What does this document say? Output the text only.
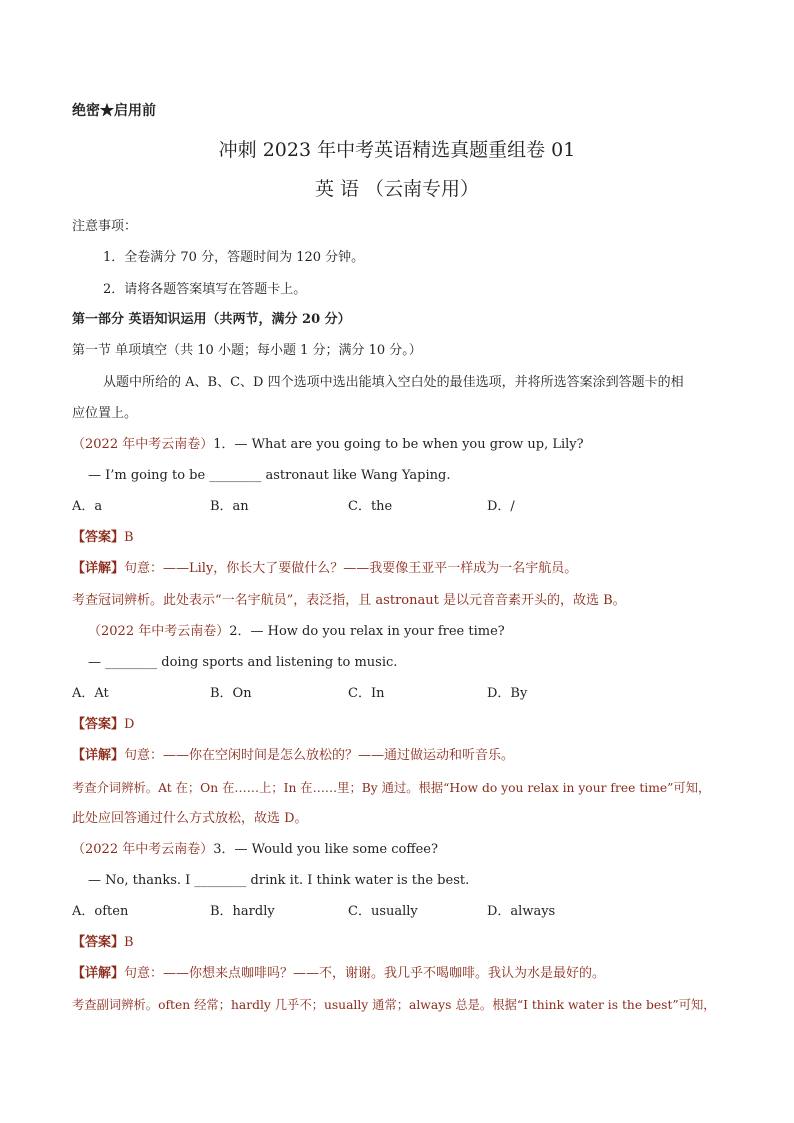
绝密★启用前
冲刺 2023 年中考英语精选真题重组卷 01
英 语 （云南专用）
注意事项：
1．全卷满分 70 分，答题时间为 120 分钟。
2．请将各题答案填写在答题卡上。
第一部分 英语知识运用（共两节，满分 20 分）
第一节 单项填空（共 10 小题；每小题 1 分；满分 10 分。）
从题中所给的 A、B、C、D 四个选项中选出能填入空白处的最佳选项，并将所选答案涂到答题卡的相
应位置上。
（2022 年中考云南卷）1．— What are you going to be when you grow up, Lily?
— I’m going to be ________ astronaut like Wang Yaping.
A．a	B．an	C．the	D．/
【答案】B
【详解】句意：——Lily，你长大了要做什么？——我要像王亚平一样成为一名宇航员。
考查冠词辨析。此处表示“一名宇航员”，表泛指，且 astronaut 是以元音音素开头的，故选 B。
（2022 年中考云南卷）2．— How do you relax in your free time?
— ________ doing sports and listening to music.
A．At	B．On	C．In	D．By
【答案】D
【详解】句意：——你在空闲时间是怎么放松的？——通过做运动和听音乐。
考查介词辨析。At 在；On 在……上；In 在……里；By 通过。根据“How do you relax in your free time”可知，
此处应回答通过什么方式放松，故选 D。
（2022 年中考云南卷）3．— Would you like some coffee?
— No, thanks. I ________ drink it. I think water is the best.
A．often	B．hardly	C．usually	D．always
【答案】B
【详解】句意：——你想来点咖啡吗？——不，谢谢。我几乎不喝咖啡。我认为水是最好的。
考查副词辨析。often 经常；hardly 几乎不；usually 通常；always 总是。根据“I think water is the best”可知，
